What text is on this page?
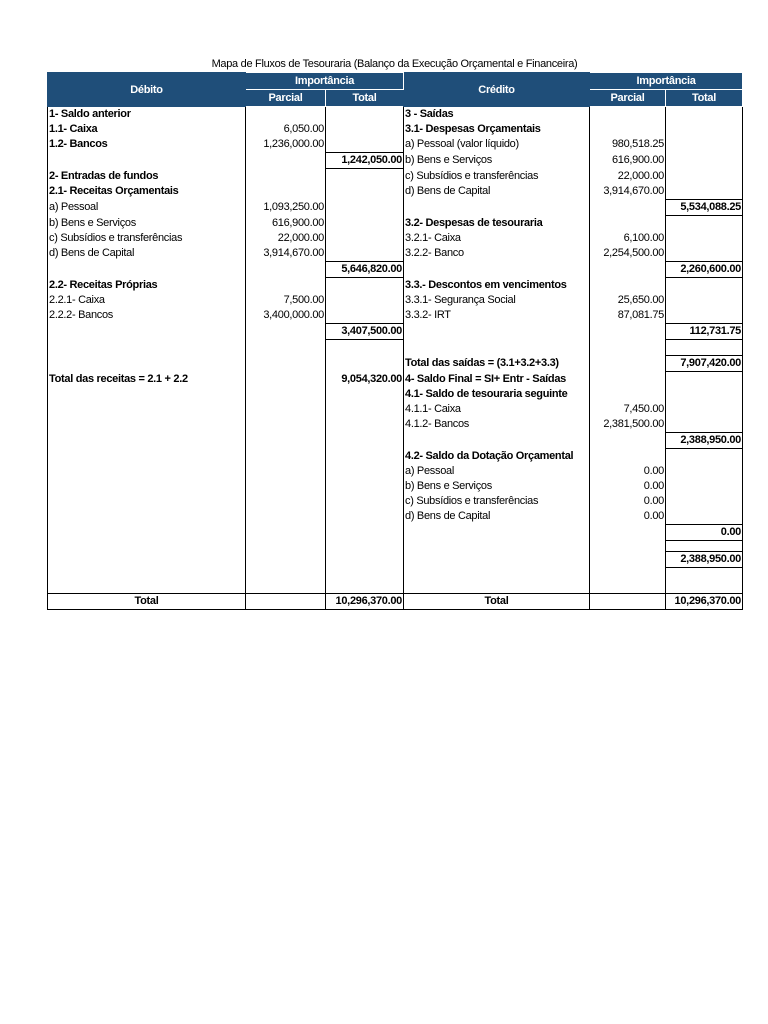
Mapa de Fluxos de Tesouraria (Balanço da Execução Orçamental e Financeira)
Débito	Importância		Crédito	Importância	
	Parcial	Total		Parcial	Total
1- Saldo anterior			3 - Saídas		
1.1- Caixa	6,050.00		3.1- Despesas Orçamentais		
1.2- Bancos	1,236,000.00		a) Pessoal (valor líquido)	980,518.25	
		1,242,050.00	b) Bens e Serviços	616,900.00	
2- Entradas de fundos			c) Subsídios e transferências	22,000.00	
2.1- Receitas Orçamentais			d) Bens de Capital	3,914,670.00	
a) Pessoal	1,093,250.00				5,534,088.25
b) Bens e Serviços	616,900.00		3.2- Despesas de tesouraria		
c) Subsídios e transferências	22,000.00		3.2.1- Caixa	6,100.00	
d) Bens de Capital	3,914,670.00		3.2.2- Banco	2,254,500.00	
		5,646,820.00			2,260,600.00
2.2- Receitas Próprias			3.3.- Descontos em vencimentos		
2.2.1- Caixa	7,500.00		3.3.1- Segurança Social	25,650.00	
2.2.2- Bancos	3,400,000.00		3.3.2- IRT	87,081.75	
		3,407,500.00			112,731.75

			Total das saídas = (3.1+3.2+3.3)		7,907,420.00
Total das receitas = 2.1 + 2.2		9,054,320.00	4- Saldo Final = SI+ Entr - Saídas		
			4.1- Saldo de tesouraria seguinte		
			4.1.1- Caixa	7,450.00	
			4.1.2- Bancos	2,381,500.00	
					2,388,950.00
			4.2- Saldo da Dotação Orçamental		
			a) Pessoal	0.00	
			b) Bens e Serviços	0.00	
			c) Subsídios e transferências	0.00	
			d) Bens de Capital	0.00	
					0.00

					2,388,950.00

Total		10,296,370.00	Total		10,296,370.00
